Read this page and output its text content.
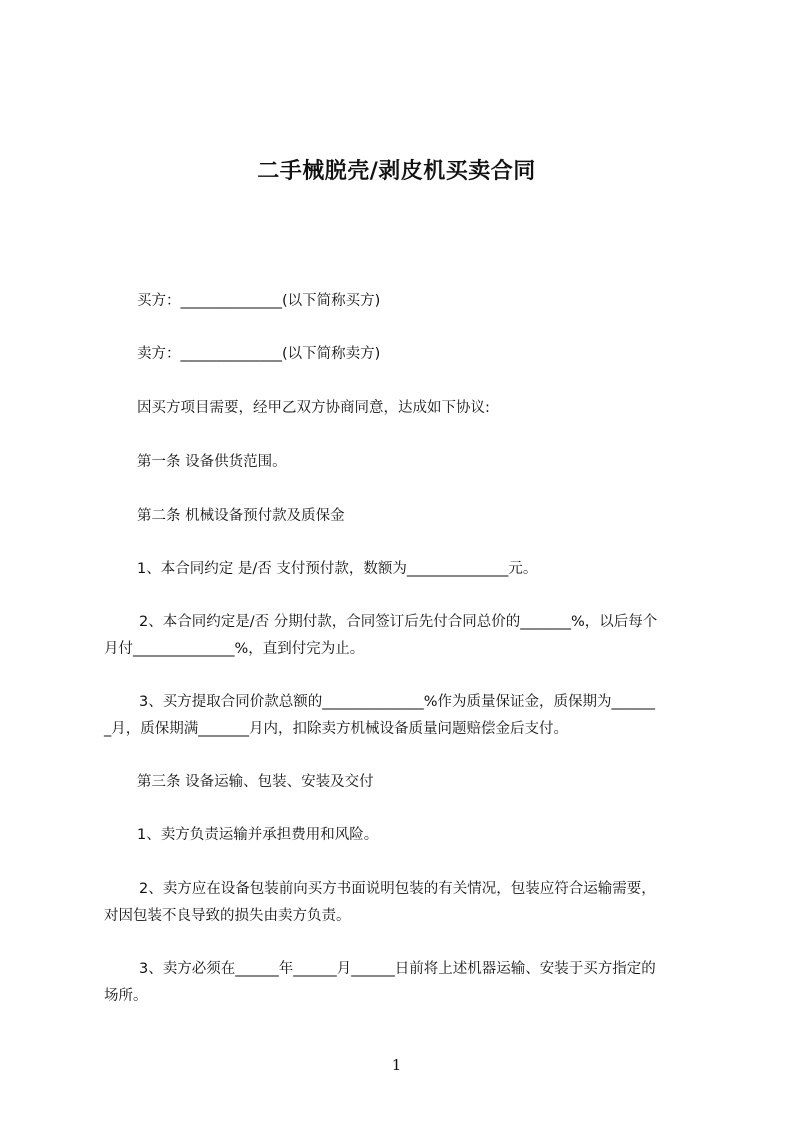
二手械脱壳/剥皮机买卖合同

买方：______________(以下简称买方)

卖方：______________(以下简称卖方)

因买方项目需要，经甲乙双方协商同意，达成如下协议:

第一条 设备供货范围。

第二条 机械设备预付款及质保金

1、本合同约定 是/否 支付预付款，数额为______________元。

2、本合同约定是/否 分期付款，合同签订后先付合同总价的_______%，以后每个

月付______________%，直到付完为止。

3、买方提取合同价款总额的______________%作为质量保证金，质保期为______

_月，质保期满_______月内，扣除卖方机械设备质量问题赔偿金后支付。

第三条 设备运输、包装、安装及交付

1、卖方负责运输并承担费用和风险。

2、卖方应在设备包装前向买方书面说明包装的有关情况，包装应符合运输需要，

对因包装不良导致的损失由卖方负责。

3、卖方必须在______年______月______日前将上述机器运输、安装于买方指定的

场所。

1
